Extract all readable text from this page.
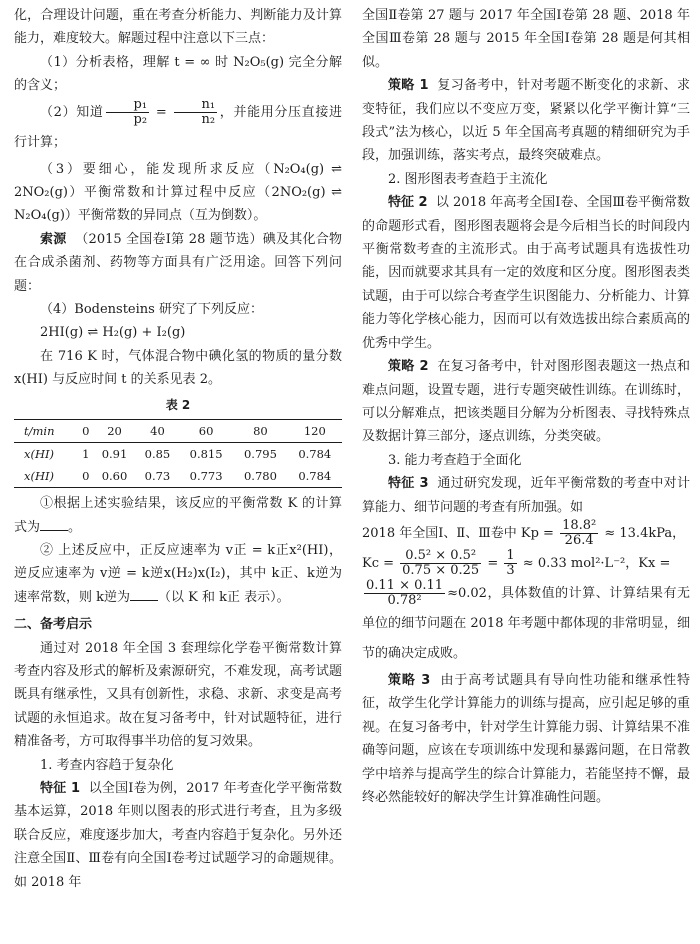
化，合理设计问题，重在考查分析能力、判断能力及计算能力，难度较大。解题过程中注意以下三点：

（1）分析表格，理解 t = ∞ 时 N₂O₅(g) 完全分解的含义；

（2）知道 $\frac{\text{p₁}}{\text{p₂}} = \frac{\text{n₁}}{\text{n₂}}$ ，并能用分压直接进行计算；

（3）要细心，能发现所求反应（N₂O₄(g) ⇌ 2NO₂(g)）平衡常数和计算过程中反应（2NO₂(g) ⇌ N₂O₄(g)）平衡常数的异同点（互为倒数）。

索源 （2015 全国卷Ⅰ第 28 题节选）碘及其化合物在合成杀菌剂、药物等方面具有广泛用途。回答下列问题：

（4）Bodensteins 研究了下列反应：

2HI(g) ⇌ H₂(g) + I₂(g)

在 716 K 时，气体混合物中碘化氢的物质的量分数 x(HI) 与反应时间 t 的关系见表 2。

表 2
t/min	0	20	40	60	80	120
x(HI)	1	0.91	0.85	0.815	0.795	0.784
x(HI)	0	0.60	0.73	0.773	0.780	0.784

①根据上述实验结果，该反应的平衡常数 K 的计算式为 。

② 上述反应中，正反应速率为 v正 = k正x²(HI)，逆反应速率为 v逆 = k逆x(H₂)x(I₂)，其中 k正、k逆为速率常数，则 k逆为 （以 K 和 k正 表示）。

二、备考启示

通过对 2018 年全国 3 套理综化学卷平衡常数计算考查内容及形式的解析及索源研究，不难发现，高考试题既具有继承性，又具有创新性，求稳、求新、求变是高考试题的永恒追求。故在复习备考中，针对试题特征，进行精准备考，方可取得事半功倍的复习效果。

1. 考查内容趋于复杂化

特征 1 以全国Ⅰ卷为例，2017 年考查化学平衡常数基本运算，2018 年则以图表的形式进行考查，且为多级联合反应，难度逐步加大，考查内容趋于复杂化。另外还注意全国Ⅱ、Ⅲ卷有向全国Ⅰ卷考过试题学习的命题规律。如 2018 年

全国Ⅱ卷第 27 题与 2017 年全国Ⅰ卷第 28 题、2018 年全国Ⅲ卷第 28 题与 2015 年全国Ⅰ卷第 28 题是何其相似。

策略 1 复习备考中，针对考题不断变化的求新、求变特征，我们应以不变应万变，紧紧以化学平衡计算“三段式”法为核心，以近 5 年全国高考真题的精细研究为手段，加强训练，落实考点，最终突破难点。

2. 图形图表考查趋于主流化

特征 2 以 2018 年高考全国Ⅰ卷、全国Ⅲ卷平衡常数的命题形式看，图形图表题将会是今后相当长的时间段内平衡常数考查的主流形式。由于高考试题具有选拔性功能，因而就要求其具有一定的效度和区分度。图形图表类试题，由于可以综合考查学生识图能力、分析能力、计算能力等化学核心能力，因而可以有效选拔出综合素质高的优秀中学生。

策略 2 在复习备考中，针对图形图表题这一热点和难点问题，设置专题，进行专题突破性训练。在训练时，可以分解难点，把该类题目分解为分析图表、寻找特殊点及数据计算三部分，逐点训练，分类突破。

3. 能力考查趋于全面化

特征 3 通过研究发现，近年平衡常数的考查中对计算能力、细节问题的考查有所加强。如

2018 年全国Ⅰ、Ⅱ、Ⅲ卷中 $Kp = \frac{\text{18.8²}}{26.4} \approx 13.4kPa$，

$Kc = \frac{\text{0.5² × 0.5²}}{0.75 \times 0.25} = \frac{1}{3} \approx 0.33$ mol²·L⁻²，Kx =

$\frac{0.11 \times 0.11}{\text{0.78²}} \approx 0.02$，具体数值的计算、计算结果有无单位的细节问题在 2018 年考题中都体现的非常明显，细节的确决定成败。

策略 3 由于高考试题具有导向性功能和继承性特征，故学生化学计算能力的训练与提高，应引起足够的重视。在复习备考中，针对学生计算能力弱、计算结果不准确等问题，应该在专项训练中发现和暴露问题，在日常教学中培养与提高学生的综合计算能力，若能坚持不懈，最终必然能较好的解决学生计算准确性问题。
